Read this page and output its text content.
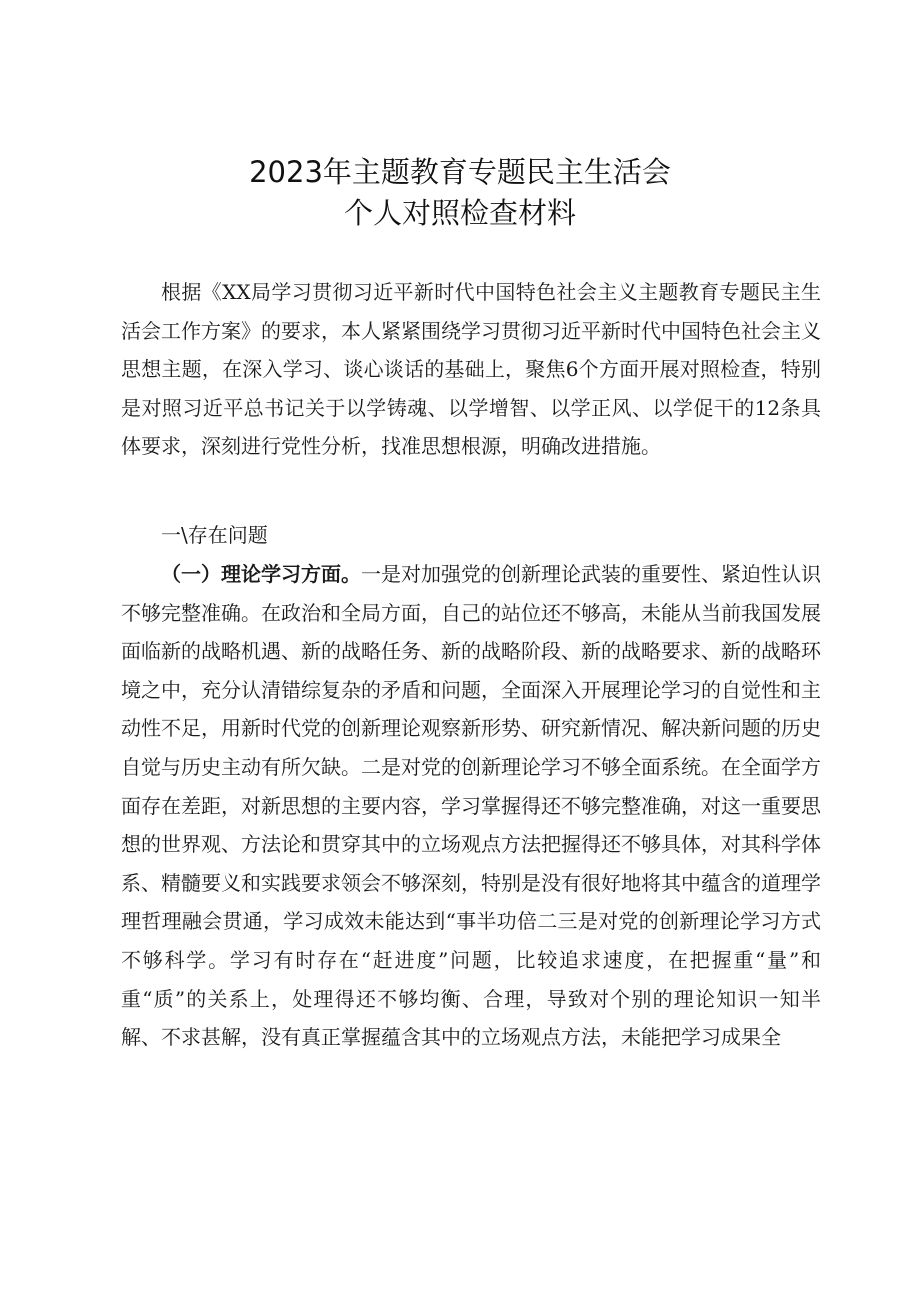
2023年主题教育专题民主生活会
个人对照检查材料

根据《XX局学习贯彻习近平新时代中国特色社会主义主题教育专题民主生活会工作方案》的要求，本人紧紧围绕学习贯彻习近平新时代中国特色社会主义思想主题，在深入学习、谈心谈话的基础上，聚焦6个方面开展对照检查，特别是对照习近平总书记关于以学铸魂、以学增智、以学正风、以学促干的12条具体要求，深刻进行党性分析，找准思想根源，明确改进措施。

一\存在问题

（一）理论学习方面。一是对加强党的创新理论武装的重要性、紧迫性认识不够完整准确。在政治和全局方面，自己的站位还不够高，未能从当前我国发展面临新的战略机遇、新的战略任务、新的战略阶段、新的战略要求、新的战略环境之中，充分认清错综复杂的矛盾和问题，全面深入开展理论学习的自觉性和主动性不足，用新时代党的创新理论观察新形势、研究新情况、解决新问题的历史自觉与历史主动有所欠缺。二是对党的创新理论学习不够全面系统。在全面学方面存在差距，对新思想的主要内容，学习掌握得还不够完整准确，对这一重要思想的世界观、方法论和贯穿其中的立场观点方法把握得还不够具体，对其科学体系、精髓要义和实践要求领会不够深刻，特别是没有很好地将其中蕴含的道理学理哲理融会贯通，学习成效未能达到“事半功倍二三是对党的创新理论学习方式不够科学。学习有时存在“赶进度”问题，比较追求速度，在把握重“量”和重“质”的关系上，处理得还不够均衡、合理，导致对个别的理论知识一知半解、不求甚解，没有真正掌握蕴含其中的立场观点方法，未能把学习成果全
